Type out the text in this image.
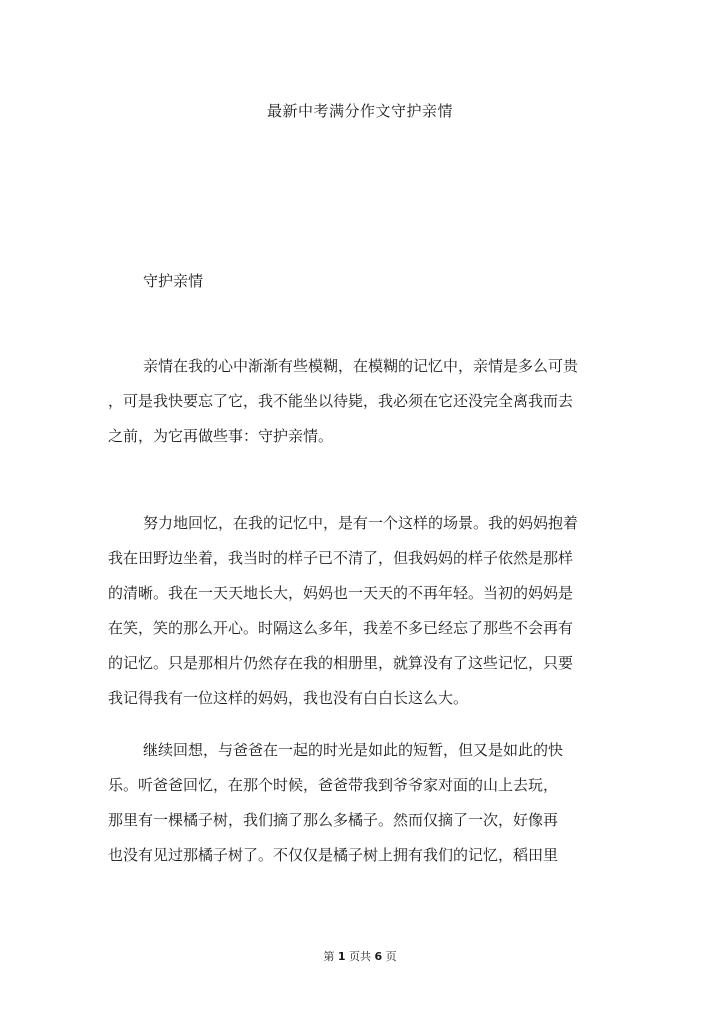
最新中考满分作文守护亲情
守护亲情
亲情在我的心中渐渐有些模糊，在模糊的记忆中，亲情是多么可贵
，可是我快要忘了它，我不能坐以待毙，我必须在它还没完全离我而去
之前，为它再做些事：守护亲情。
努力地回忆，在我的记忆中，是有一个这样的场景。我的妈妈抱着
我在田野边坐着，我当时的样子已不清了，但我妈妈的样子依然是那样
的清晰。我在一天天地长大，妈妈也一天天的不再年轻。当初的妈妈是
在笑，笑的那么开心。时隔这么多年，我差不多已经忘了那些不会再有
的记忆。只是那相片仍然存在我的相册里，就算没有了这些记忆，只要
我记得我有一位这样的妈妈，我也没有白白长这么大。
继续回想，与爸爸在一起的时光是如此的短暂，但又是如此的快
乐。听爸爸回忆，在那个时候，爸爸带我到爷爷家对面的山上去玩，
那里有一棵橘子树，我们摘了那么多橘子。然而仅摘了一次，好像再
也没有见过那橘子树了。不仅仅是橘子树上拥有我们的记忆，稻田里
第 1 页共 6 页
